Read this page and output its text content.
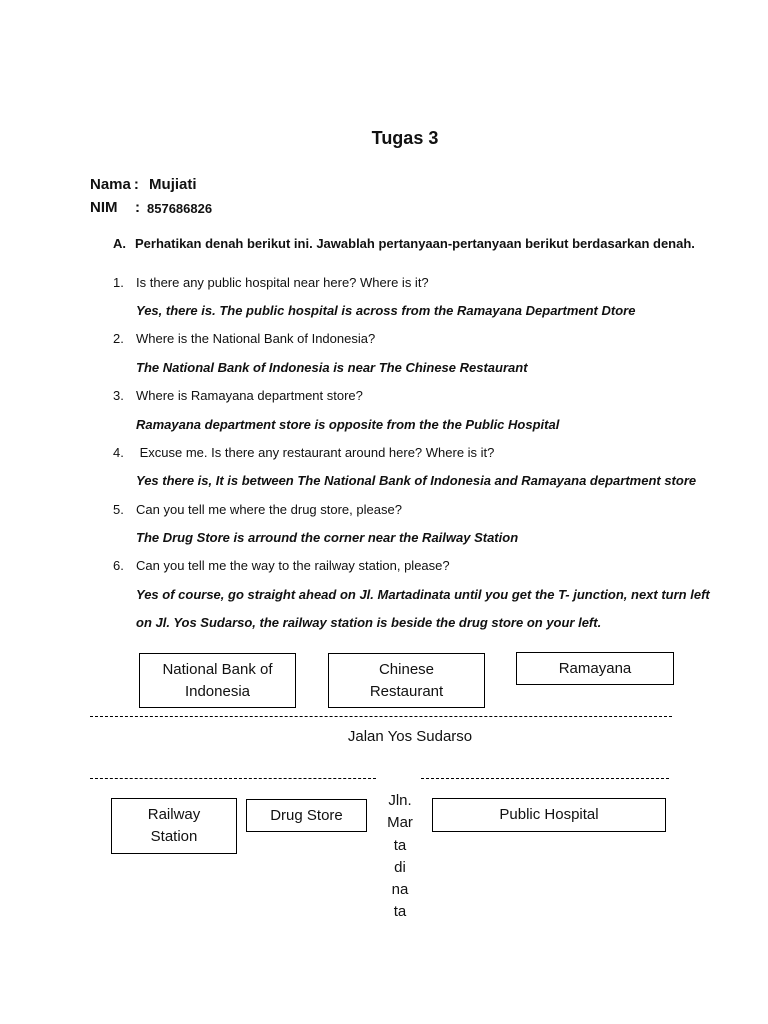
Tugas 3
Nama : Mujiati
NIM : 857686826
A. Perhatikan denah berikut ini. Jawablah pertanyaan-pertanyaan berikut berdasarkan denah.
1. Is there any public hospital near here? Where is it?
Yes, there is. The public hospital is across from the Ramayana Department Dtore
2. Where is the National Bank of Indonesia?
The National Bank of Indonesia is near The Chinese Restaurant
3. Where is Ramayana department store?
Ramayana department store is opposite from the the Public Hospital
4. Excuse me. Is there any restaurant around here? Where is it?
Yes there is, It is between The National Bank of Indonesia and Ramayana department store
5. Can you tell me where the drug store, please?
The Drug Store is arround the corner near the Railway Station
6. Can you tell me the way to the railway station, please?
Yes of course, go straight ahead on Jl. Martadinata until you get the T- junction, next turn left
on Jl. Yos Sudarso, the railway station is beside the drug store on your left.
National Bank of
Indonesia
Chinese
Restaurant
Ramayana
Jalan Yos Sudarso
Railway
Station
Drug Store	Public Hospital
Jln.
Mar
ta
di
na
ta
